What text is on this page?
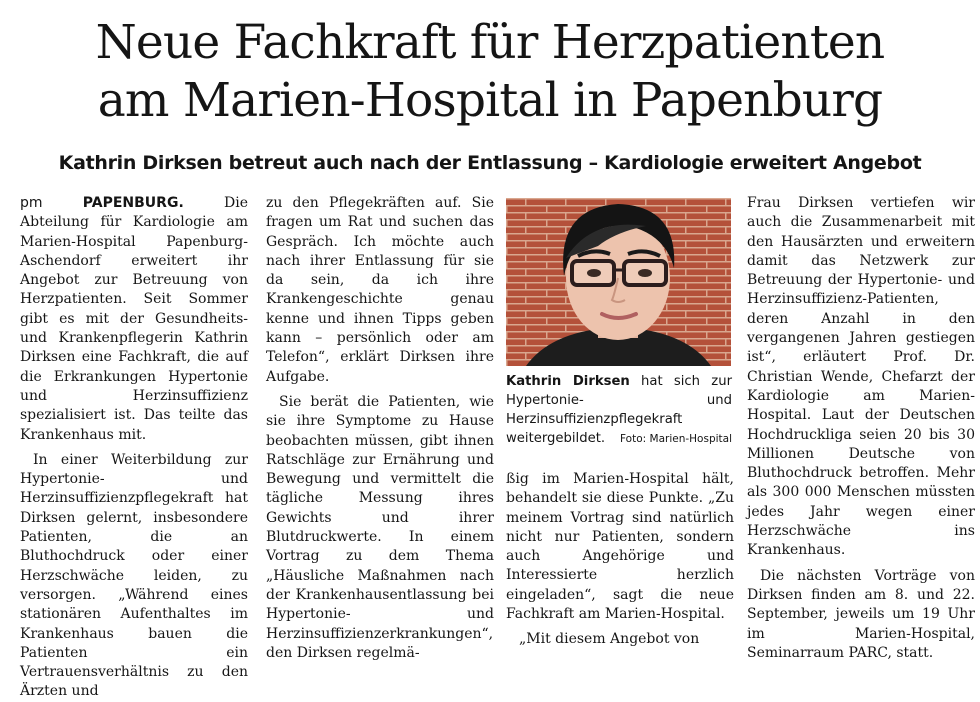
Neue Fachkraft für Herzpatienten
am Marien-Hospital in Papenburg
Kathrin Dirksen betreut auch nach der Entlassung – Kardiologie erweitert Angebot

pm	PAPENBURG.	Die Abteilung für Kardiologie am Marien-Hospital Papenburg-Aschendorf erweitert ihr Angebot zur Betreuung von Herzpatienten. Seit Sommer gibt es mit der Gesundheits- und Krankenpflegerin Kathrin Dirksen eine Fachkraft, die auf die Erkrankungen Hypertonie und Herzinsuffizienz spezialisiert ist. Das teilte das Krankenhaus mit.

In einer Weiterbildung zur Hypertonie- und Herzinsuffizienzpflegekraft hat Dirksen gelernt, insbesondere Patienten, die an Bluthochdruck oder einer Herzschwäche leiden, zu versorgen. „Während eines stationären Aufenthaltes im Krankenhaus bauen die Patienten ein Vertrauensverhältnis zu den Ärzten und

zu den Pflegekräften auf. Sie fragen um Rat und suchen das Gespräch. Ich möchte auch nach ihrer Entlassung für sie da sein, da ich ihre Krankengeschichte genau kenne und ihnen Tipps geben kann – persönlich oder am Telefon“, erklärt Dirksen ihre Aufgabe.

Sie berät die Patienten, wie sie ihre Symptome zu Hause beobachten müssen, gibt ihnen Ratschläge zur Ernährung und Bewegung und vermittelt die tägliche Messung ihres Gewichts und ihrer Blutdruckwerte. In einem Vortrag zu dem Thema „Häusliche Maßnahmen nach der Krankenhausentlassung bei Hypertonie- und Herzinsuffizienzerkrankungen“, den Dirksen regelmä-

Kathrin Dirksen hat sich zur Hypertonie- und Herzinsuffizienzpflegekraft weitergebildet. Foto: Marien-Hospital

ßig im Marien-Hospital hält, behandelt sie diese Punkte. „Zu meinem Vortrag sind natürlich nicht nur Patienten, sondern auch Angehörige und Interessierte herzlich eingeladen“, sagt die neue Fachkraft am Marien-Hospital.

„Mit diesem Angebot von

Frau Dirksen vertiefen wir auch die Zusammenarbeit mit den Hausärzten und erweitern damit das Netzwerk zur Betreuung der Hypertonie- und Herzinsuffizienz-Patienten, deren Anzahl in den vergangenen Jahren gestiegen ist“, erläutert Prof. Dr. Christian Wende, Chefarzt der Kardiologie am Marien-Hospital. Laut der Deutschen Hochdruckliga seien 20 bis 30 Millionen Deutsche von Bluthochdruck betroffen. Mehr als 300 000 Menschen müssten jedes Jahr wegen einer Herzschwäche ins Krankenhaus.

Die nächsten Vorträge von Dirksen finden am 8. und 22. September, jeweils um 19 Uhr im Marien-Hospital, Seminarraum PARC, statt.
